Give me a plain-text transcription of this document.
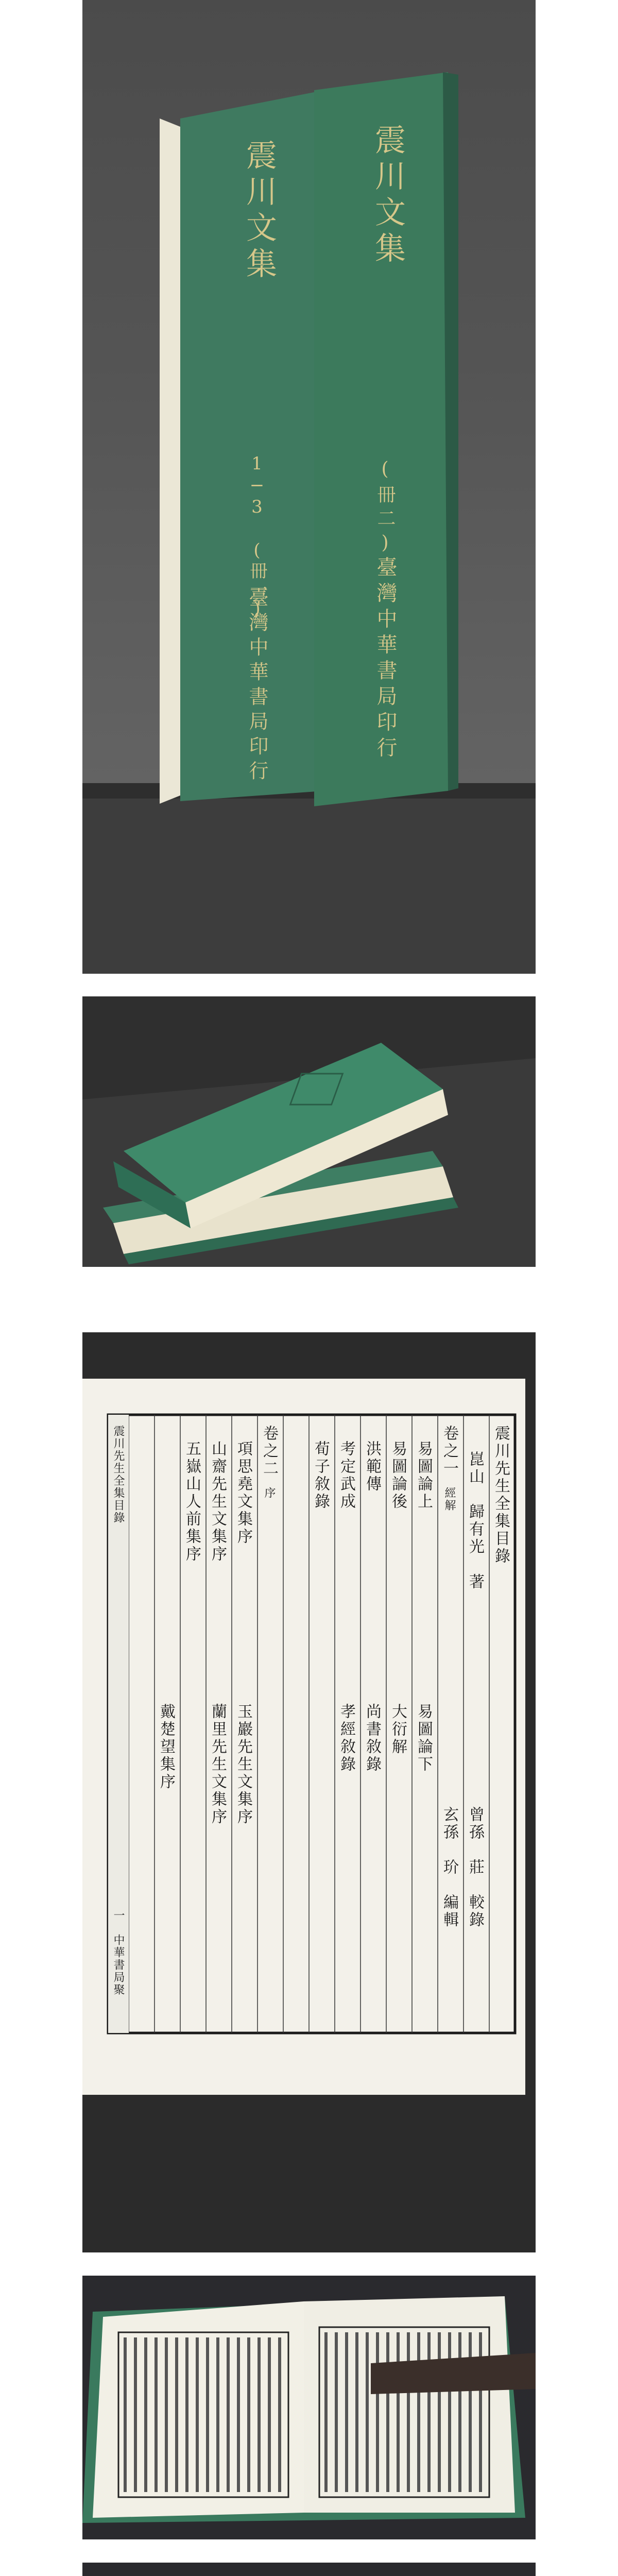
震川文集
1−3 (冊一)
臺灣中華書局印行
震川文集
(冊二)
臺灣中華書局印行
震川先生全集目錄
崑山　歸有光　著
曾孫　莊　較錄
玄孫　玠　編輯
卷之一
經解
易圖論上
易圖論下
易圖論後
大衍解
洪範傳
尚書敘錄
考定武成
孝經敘錄
荀子敘錄
卷之二
序
項思堯文集序
玉巖先生文集序
山齋先生文集序
五嶽山人前集序
蘭里先生文集序
戴楚望集序
震川先生全集目錄
一　中華書局聚
